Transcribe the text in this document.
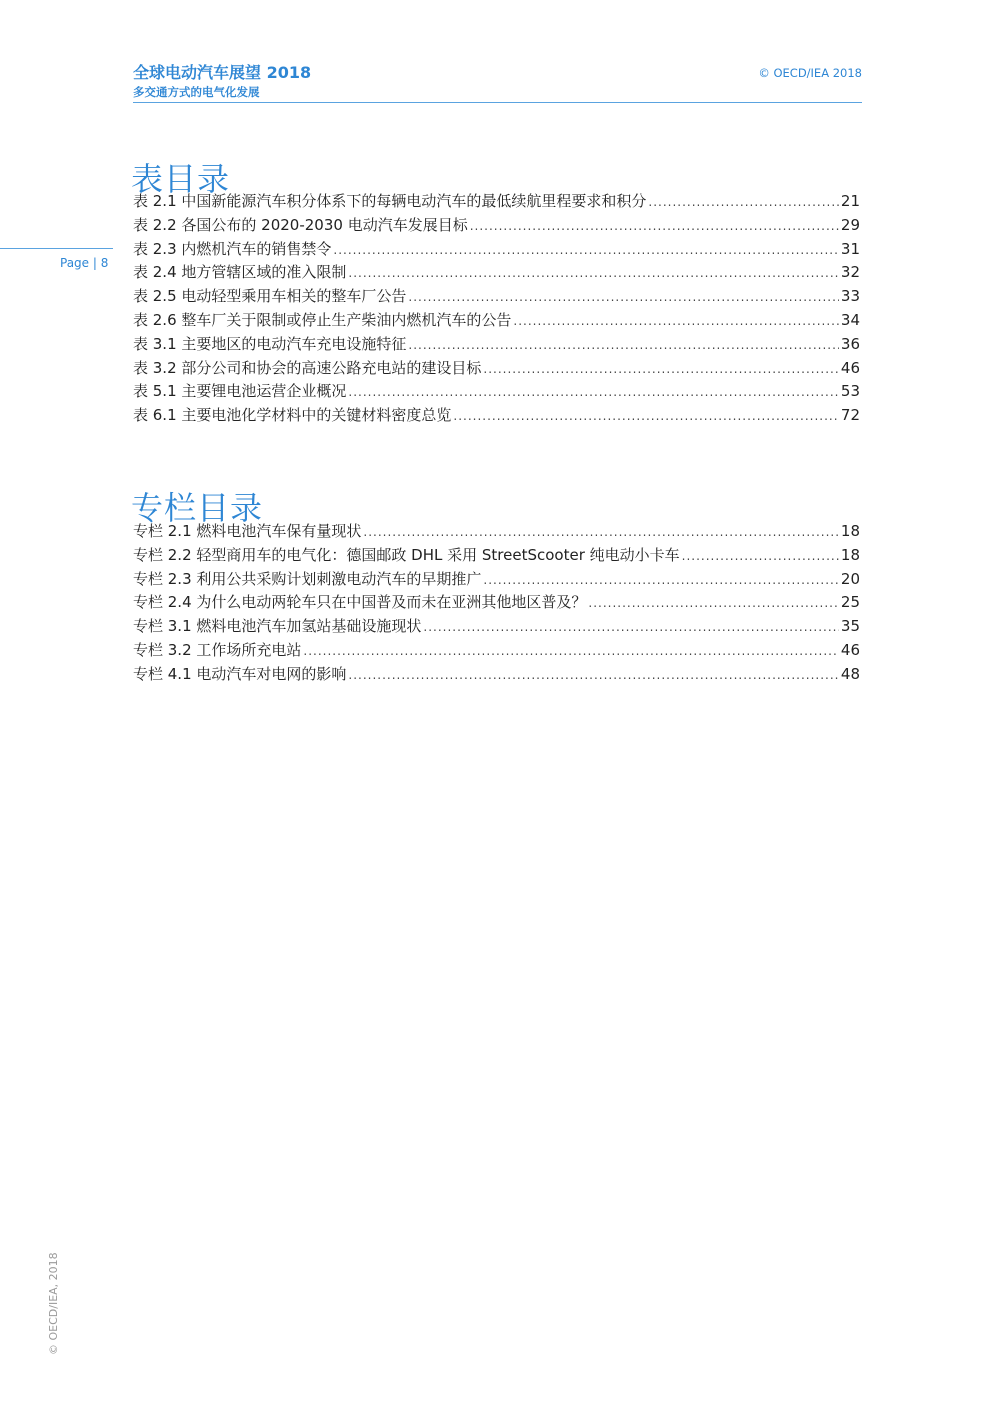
全球电动汽车展望 2018
多交通方式的电气化发展
© OECD/IEA 2018
Page | 8
表目录
表 2.1 中国新能源汽车积分体系下的每辆电动汽车的最低续航里程要求和积分 .....	21
表 2.2 各国公布的 2020-2030 电动汽车发展目标 .....	29
表 2.3 内燃机汽车的销售禁令 .....	31
表 2.4 地方管辖区域的准入限制 .....	32
表 2.5 电动轻型乘用车相关的整车厂公告 .....	33
表 2.6 整车厂关于限制或停止生产柴油内燃机汽车的公告 .....	34
表 3.1 主要地区的电动汽车充电设施特征 .....	36
表 3.2 部分公司和协会的高速公路充电站的建设目标 .....	46
表 5.1 主要锂电池运营企业概况 .....	53
表 6.1 主要电池化学材料中的关键材料密度总览 .....	72
专栏目录
专栏 2.1 燃料电池汽车保有量现状 .....	18
专栏 2.2 轻型商用车的电气化：德国邮政 DHL 采用 StreetScooter 纯电动小卡车 .....	18
专栏 2.3 利用公共采购计划刺激电动汽车的早期推广 .....	20
专栏 2.4 为什么电动两轮车只在中国普及而未在亚洲其他地区普及？ .....	25
专栏 3.1 燃料电池汽车加氢站基础设施现状 .....	35
专栏 3.2 工作场所充电站 .....	46
专栏 4.1 电动汽车对电网的影响 .....	48
© OECD/IEA, 2018
